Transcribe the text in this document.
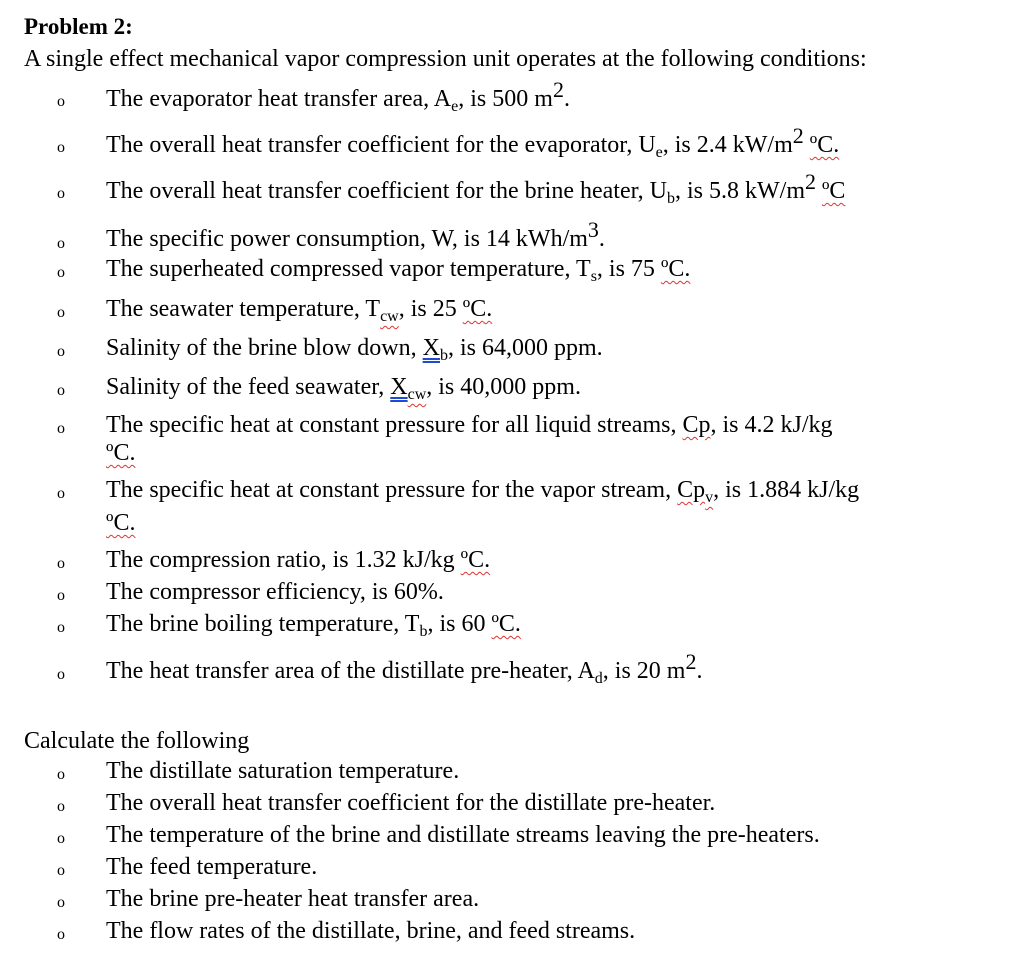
Problem 2:
A single effect mechanical vapor compression unit operates at the following conditions:
o The evaporator heat transfer area, $A_e$, is 500 $m^2$.
o The overall heat transfer coefficient for the evaporator, $U_e$, is 2.4 $kW/m^2$ ºC.
o The overall heat transfer coefficient for the brine heater, $U_b$, is 5.8 $kW/m^2$ ºC
o The specific power consumption, W, is 14 kWh/$m^3$.
o The superheated compressed vapor temperature, $T_s$, is 75 ºC.
o The seawater temperature, $T_{cw}$, is 25 ºC.
o Salinity of the brine blow down, $X_b$, is 64,000 ppm.
o Salinity of the feed seawater, $X_{cw}$, is 40,000 ppm.
o The specific heat at constant pressure for all liquid streams, Cp, is 4.2 kJ/kg
ºC.
o The specific heat at constant pressure for the vapor stream, $Cp_v$, is 1.884 kJ/kg
ºC.
o The compression ratio, is 1.32 kJ/kg ºC.
o The compressor efficiency, is 60%.
o The brine boiling temperature, $T_b$, is 60 ºC.
o The heat transfer area of the distillate pre-heater, $A_d$, is 20 $m^2$.
Calculate the following
o The distillate saturation temperature.
o The overall heat transfer coefficient for the distillate pre-heater.
o The temperature of the brine and distillate streams leaving the pre-heaters.
o The feed temperature.
o The brine pre-heater heat transfer area.
o The flow rates of the distillate, brine, and feed streams.
